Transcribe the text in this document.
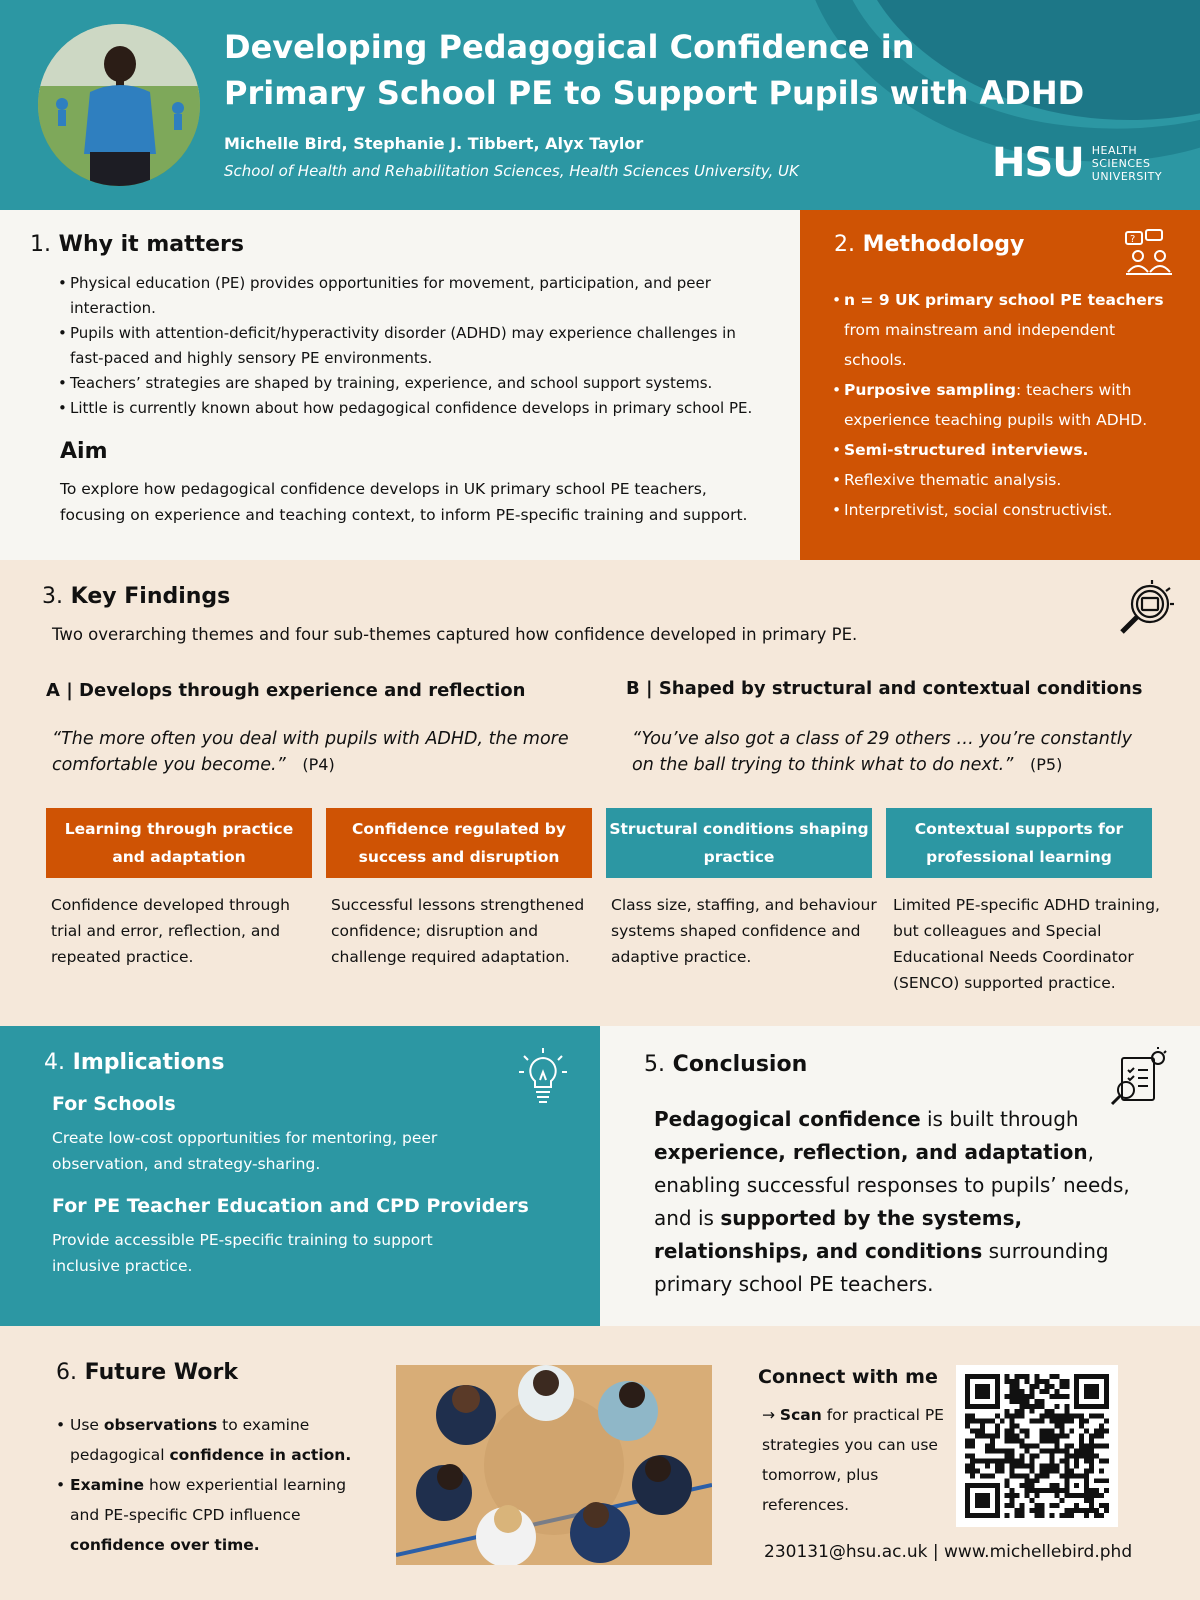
Developing Pedagogical Confidence in
Primary School PE to Support Pupils with ADHD
Michelle Bird, Stephanie J. Tibbert, Alyx Taylor
School of Health and Rehabilitation Sciences, Health Sciences University, UK	HSU HEALTH
SCIENCES
UNIVERSITY
1. Why it matters
• Physical education (PE) provides opportunities for movement, participation, and peer interaction.
• Pupils with attention-deficit/hyperactivity disorder (ADHD) may experience challenges in fast-paced and highly sensory PE environments.
• Teachers’ strategies are shaped by training, experience, and school support systems.
• Little is currently known about how pedagogical confidence develops in primary school PE.
Aim
To explore how pedagogical confidence develops in UK primary school PE teachers, focusing on experience and teaching context, to inform PE-specific training and support.
2. Methodology	?
• n = 9 UK primary school PE teachers from mainstream and independent schools.
• Purposive sampling: teachers with experience teaching pupils with ADHD.
• Semi-structured interviews.
• Reflexive thematic analysis.
• Interpretivist, social constructivist.
3. Key Findings
Two overarching themes and four sub-themes captured how confidence developed in primary PE.
A | Develops through experience and reflection	B | Shaped by structural and contextual conditions
“The more often you deal with pupils with ADHD, the more comfortable you become.” (P4)
“You’ve also got a class of 29 others … you’re constantly on the ball trying to think what to do next.” (P5)
Learning through practice and adaptation
Confidence regulated by success and disruption
Structural conditions shaping practice
Contextual supports for professional learning
Confidence developed through trial and error, reflection, and repeated practice.
Successful lessons strengthened confidence; disruption and challenge required adaptation.
Class size, staffing, and behaviour systems shaped confidence and adaptive practice.
Limited PE-specific ADHD training, but colleagues and Special Educational Needs Coordinator (SENCO) supported practice.
4. Implications
For Schools
Create low-cost opportunities for mentoring, peer observation, and strategy-sharing.
For PE Teacher Education and CPD Providers
Provide accessible PE-specific training to support inclusive practice.
5. Conclusion
Pedagogical confidence is built through experience, reflection, and adaptation, enabling successful responses to pupils’ needs, and is supported by the systems, relationships, and conditions surrounding primary school PE teachers.
6. Future Work
• Use observations to examine pedagogical confidence in action.
• Examine how experiential learning and PE-specific CPD influence confidence over time.
Connect with me
→ Scan for practical PE strategies you can use tomorrow, plus references.
230131@hsu.ac.uk | www.michellebird.phd
